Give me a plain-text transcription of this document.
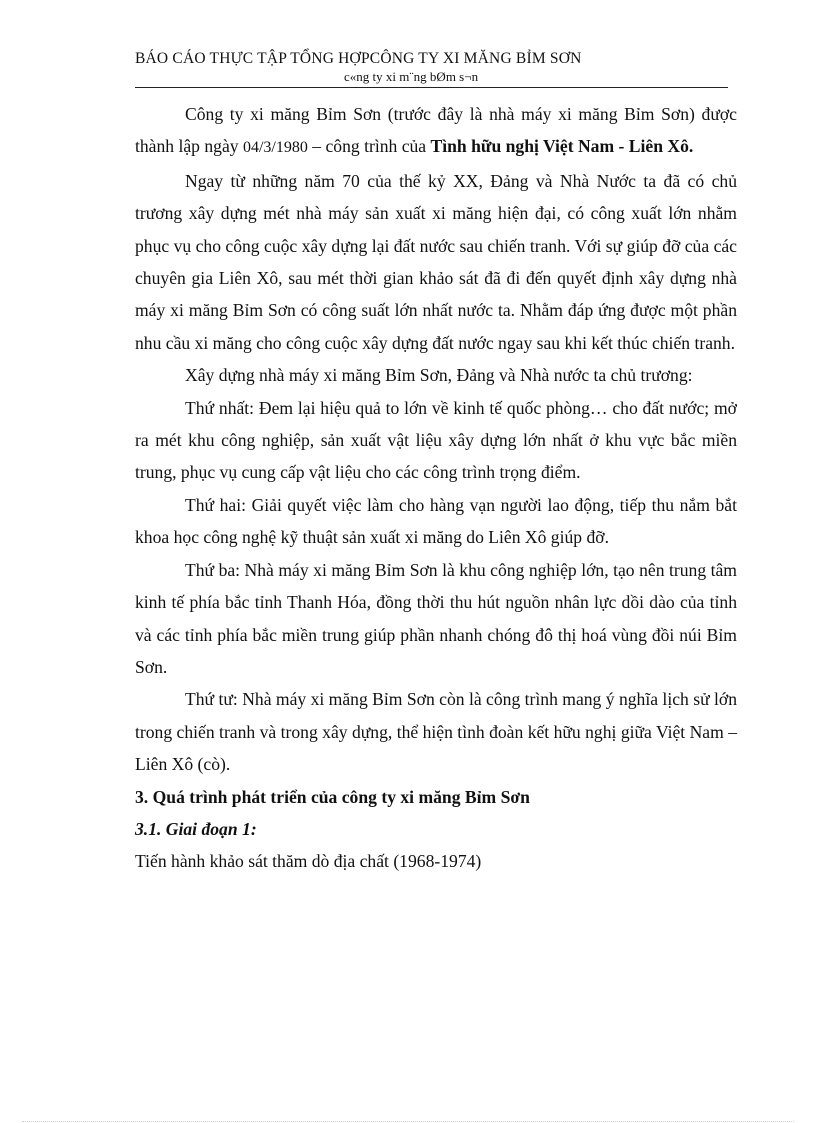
BÁO CÁO THỰC TẬP TỔNG HỢPCÔNG TY XI MĂNG BỈM SƠN
c«ng ty xi m¨ng bØm s¬n

Công ty xi măng Bỉm Sơn (trước đây là nhà máy xi măng Bỉm Sơn) được thành lập ngày 04/3/1980 – công trình của Tình hữu nghị Việt Nam - Liên Xô.

Ngay từ những năm 70 của thế kỷ XX, Đảng và Nhà Nước ta đã có chủ trương xây dựng mét nhà máy sản xuất xi măng hiện đại, có công xuất lớn nhằm phục vụ cho công cuộc xây dựng lại đất nước sau chiến tranh. Với sự giúp đỡ của các chuyên gia Liên Xô, sau mét thời gian khảo sát đã đi đến quyết định xây dựng nhà máy xi măng Bỉm Sơn có công suất lớn nhất nước ta. Nhằm đáp ứng được một phần nhu cầu xi măng cho công cuộc xây dựng đất nước ngay sau khi kết thúc chiến tranh.

Xây dựng nhà máy xi măng Bỉm Sơn, Đảng và Nhà nước ta chủ trương:

Thứ nhất: Đem lại hiệu quả to lớn về kinh tế quốc phòng… cho đất nước; mở ra mét khu công nghiệp, sản xuất vật liệu xây dựng lớn nhất ở khu vực bắc miền trung, phục vụ cung cấp vật liệu cho các công trình trọng điểm.

Thứ hai: Giải quyết việc làm cho hàng vạn người lao động, tiếp thu nắm bắt khoa học công nghệ kỹ thuật sản xuất xi măng do Liên Xô giúp đỡ.

Thứ ba: Nhà máy xi măng Bỉm Sơn là khu công nghiệp lớn, tạo nên trung tâm kinh tế phía bắc tỉnh Thanh Hóa, đồng thời thu hút nguồn nhân lực dồi dào của tỉnh và các tỉnh phía bắc miền trung giúp phần nhanh chóng đô thị hoá vùng đồi núi Bỉm Sơn.

Thứ tư: Nhà máy xi măng Bỉm Sơn còn là công trình mang ý nghĩa lịch sử lớn trong chiến tranh và trong xây dựng, thể hiện tình đoàn kết hữu nghị giữa Việt Nam – Liên Xô (cò).

3. Quá trình phát triển của công ty xi măng Bỉm Sơn

3.1. Giai đoạn 1:

Tiến hành khảo sát thăm dò địa chất (1968-1974)
